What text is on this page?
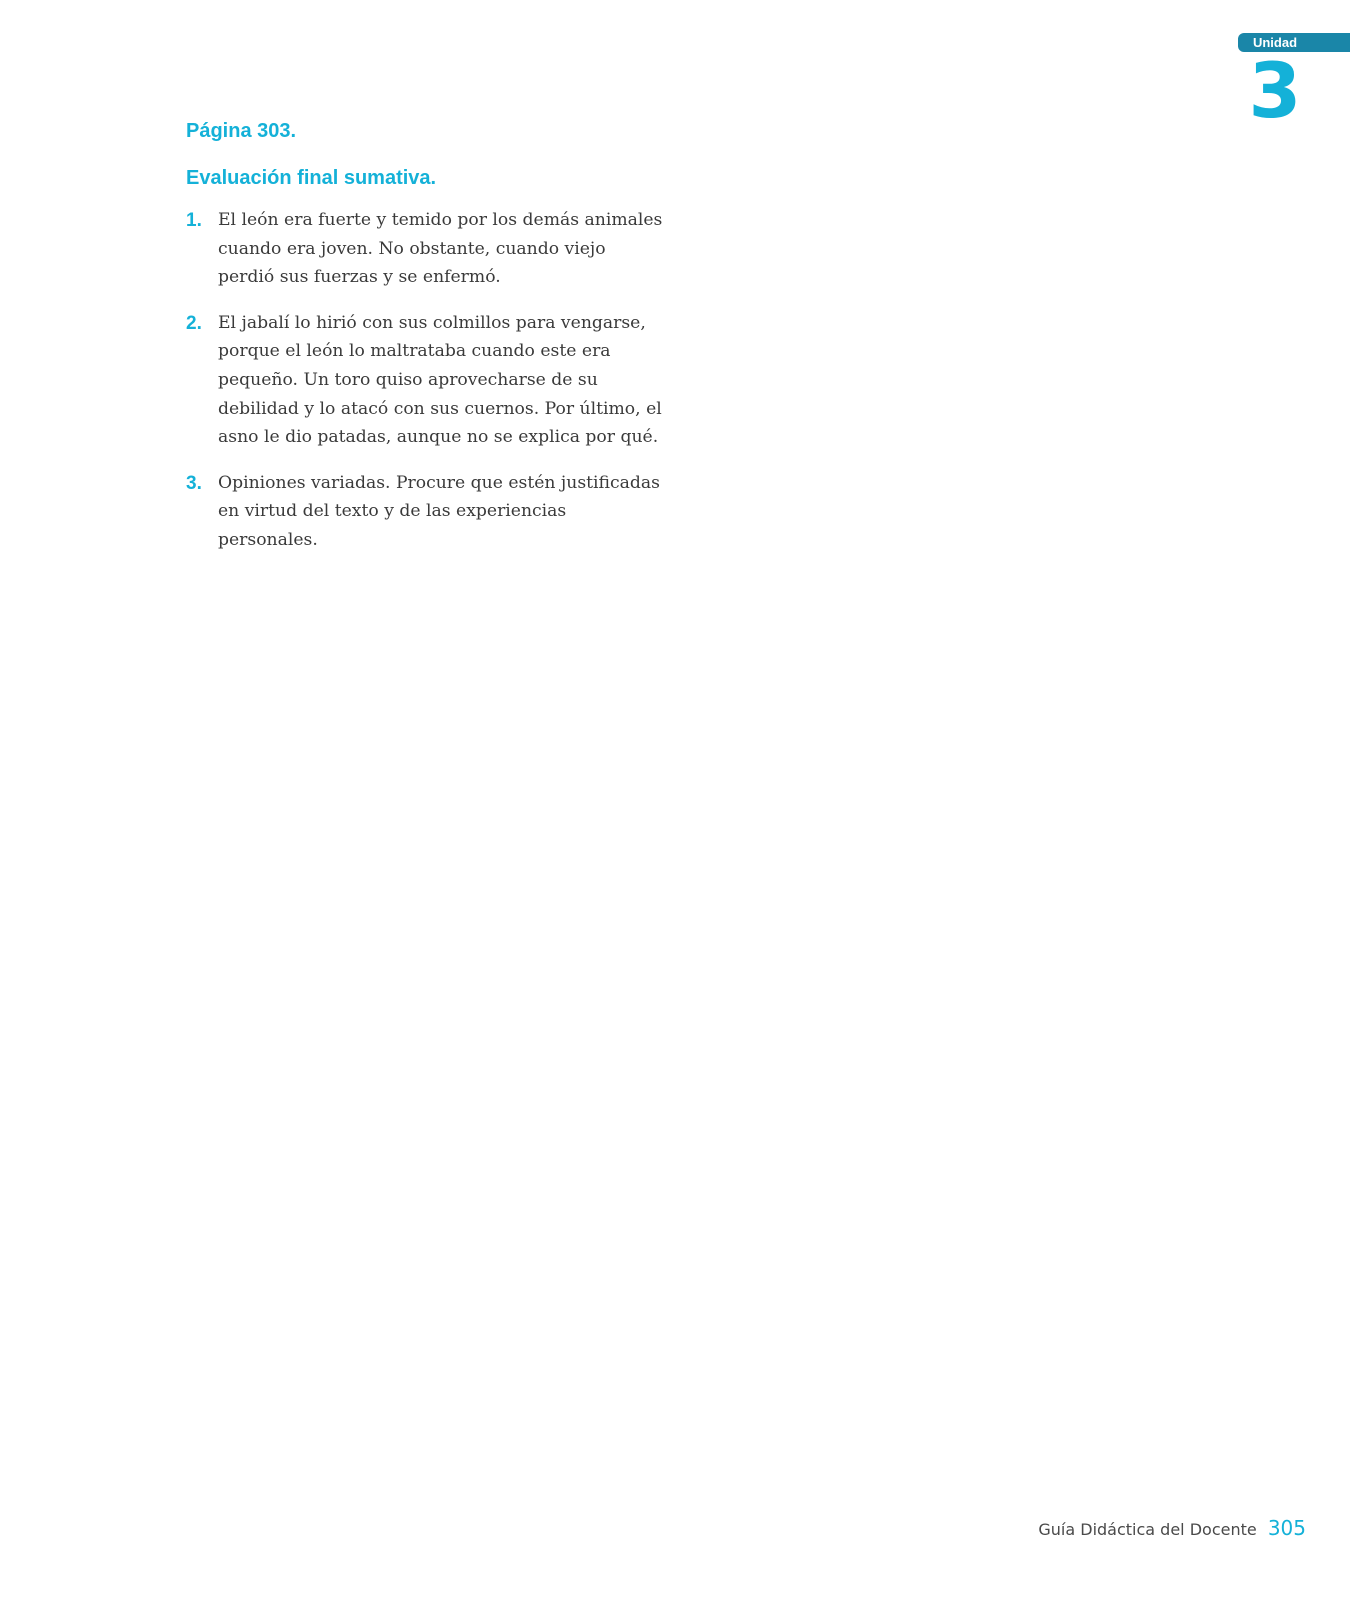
Unidad
3
Página 303.
Evaluación final sumativa.
1. El león era fuerte y temido por los demás animales cuando era joven. No obstante, cuando viejo perdió sus fuerzas y se enfermó.
2. El jabalí lo hirió con sus colmillos para vengarse, porque el león lo maltrataba cuando este era pequeño. Un toro quiso aprovecharse de su debilidad y lo atacó con sus cuernos. Por último, el asno le dio patadas, aunque no se explica por qué.
3. Opiniones variadas. Procure que estén justificadas en virtud del texto y de las experiencias personales.
Guía Didáctica del Docente 305
